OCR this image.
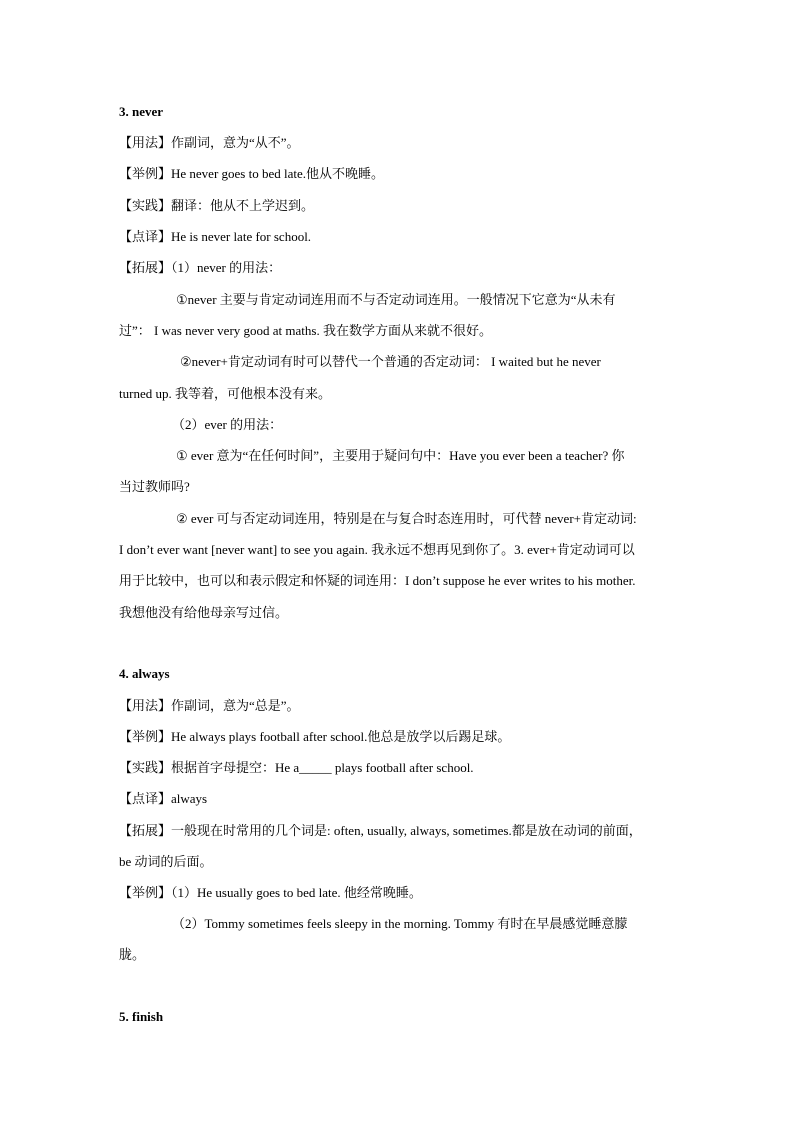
3. never
【用法】作副词，意为“从不”。
【举例】He never goes to bed late.他从不晚睡。
【实践】翻译：他从不上学迟到。
【点译】He is never late for school.
【拓展】（1）never 的用法：
①never 主要与肯定动词连用而不与否定动词连用。一般情况下它意为“从未有
过”： I was never very good at maths. 我在数学方面从来就不很好。
②never+肯定动词有时可以替代一个普通的否定动词： I waited but he never
turned up. 我等着，可他根本没有来。
（2）ever 的用法：
① ever 意为“在任何时间”，主要用于疑问句中：Have you ever been a teacher? 你
当过教师吗?
② ever 可与否定动词连用，特别是在与复合时态连用时，可代替 never+肯定动词:
I don’t ever want [never want] to see you again. 我永远不想再见到你了。3. ever+肯定动词可以
用于比较中，也可以和表示假定和怀疑的词连用：I don’t suppose he ever writes to his mother.
我想他没有给他母亲写过信。
4. always
【用法】作副词，意为“总是”。
【举例】He always plays football after school.他总是放学以后踢足球。
【实践】根据首字母提空：He a_____ plays football after school.
【点译】always
【拓展】一般现在时常用的几个词是: often, usually, always, sometimes.都是放在动词的前面，
be 动词的后面。
【举例】（1）He usually goes to bed late. 他经常晚睡。
（2）Tommy sometimes feels sleepy in the morning. Tommy 有时在早晨感觉睡意朦
胧。
5. finish
